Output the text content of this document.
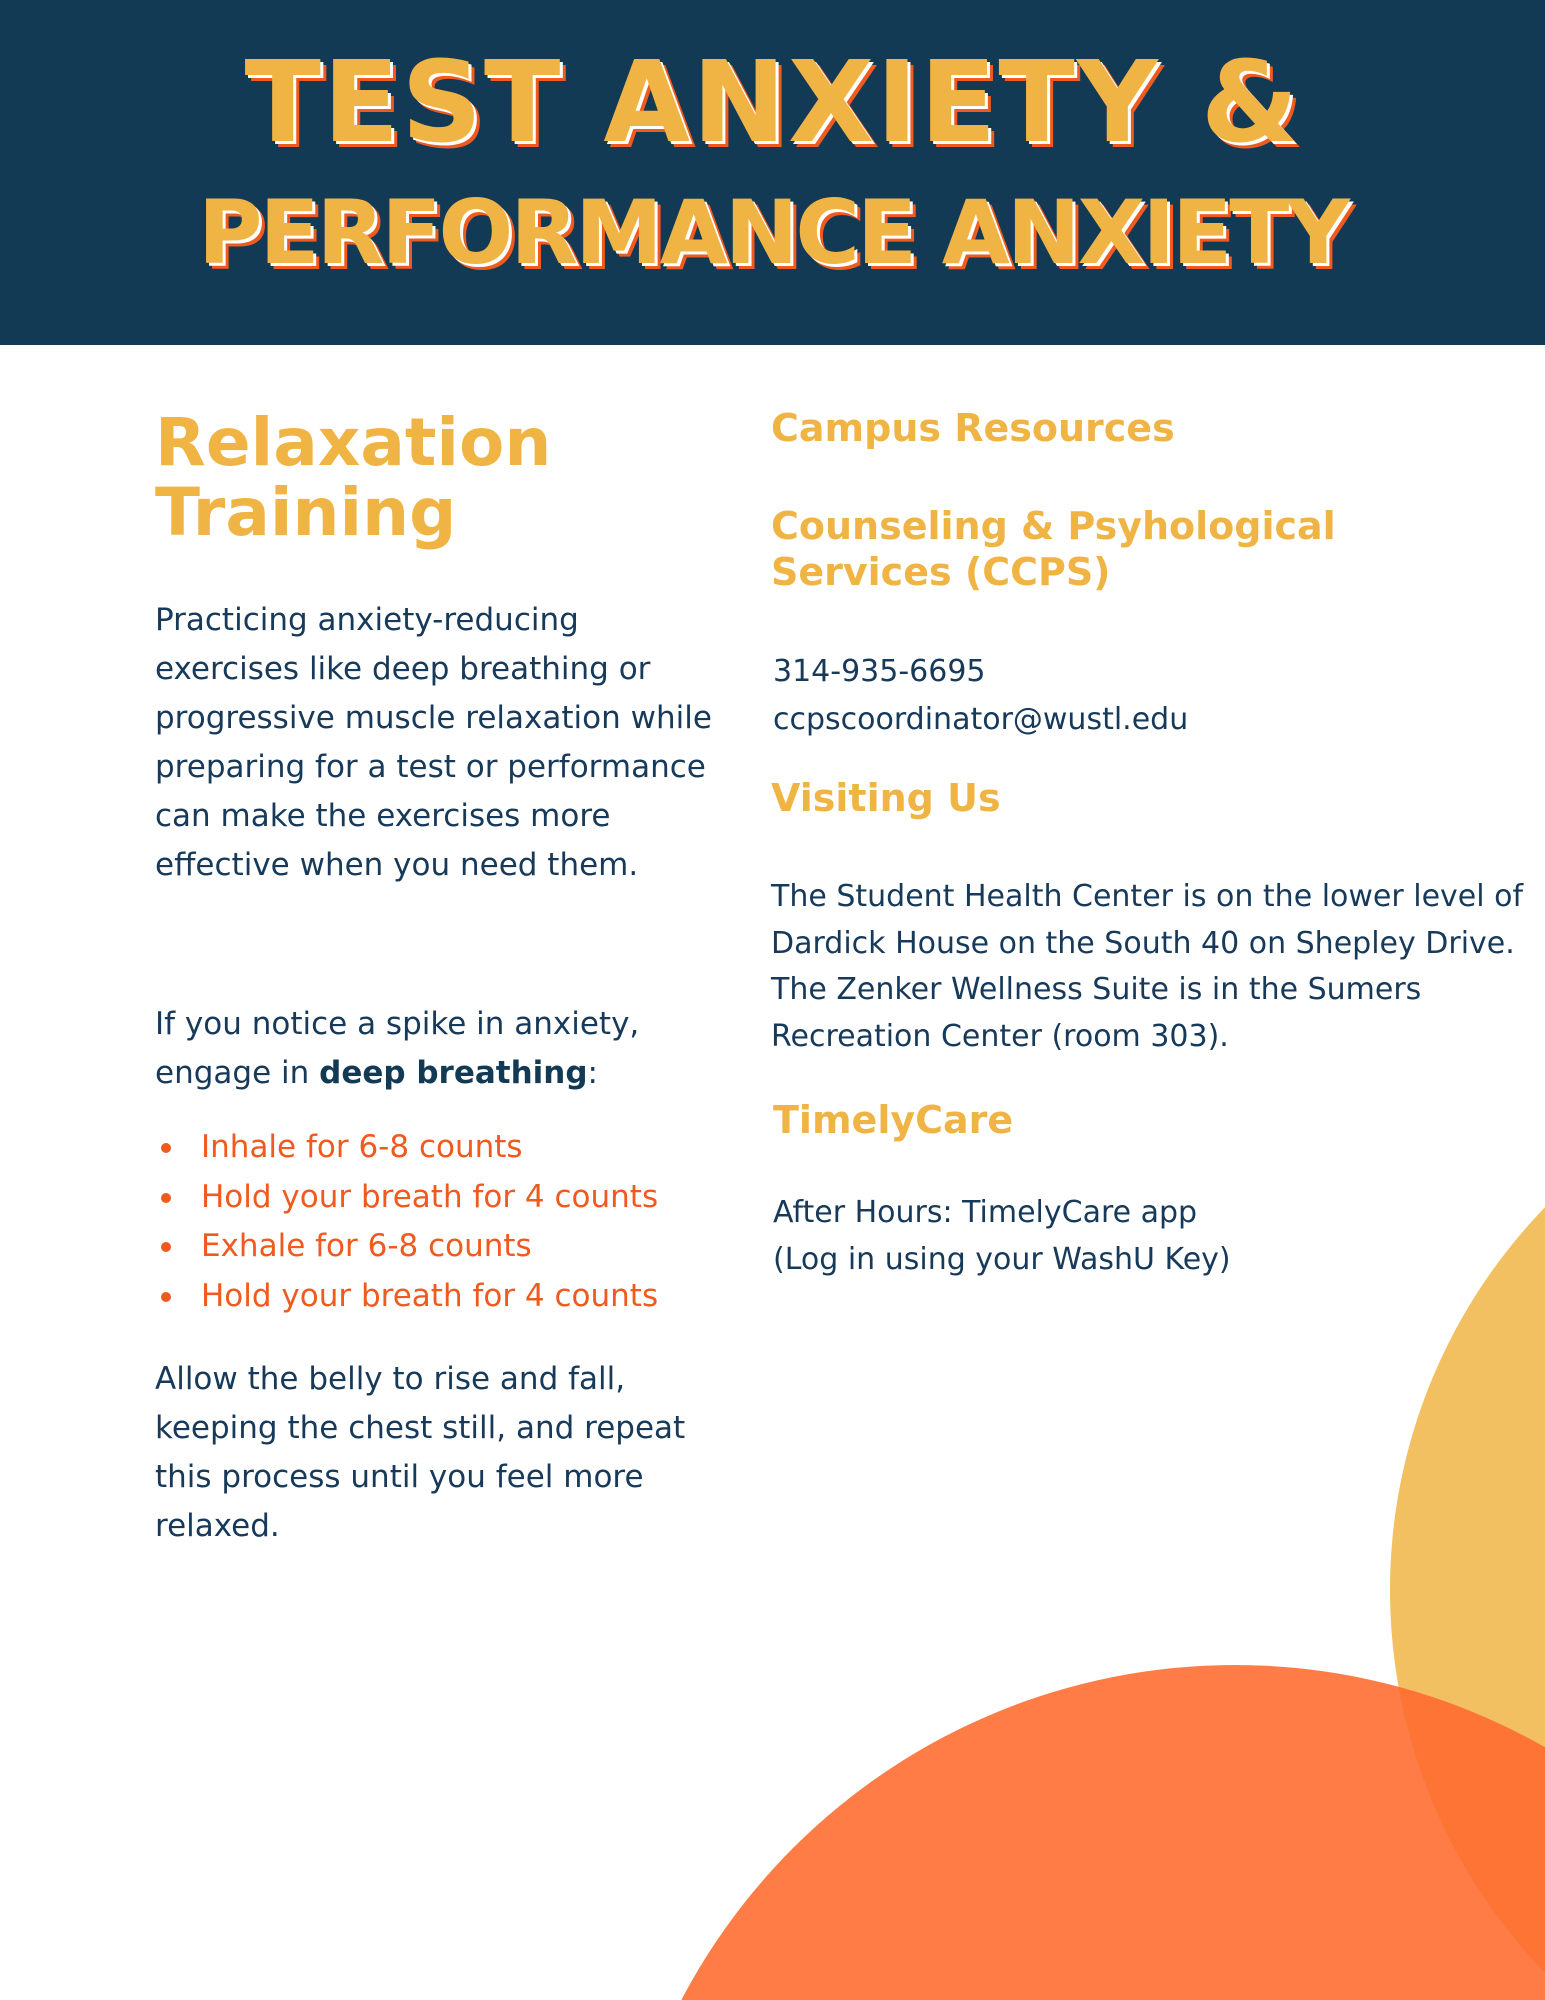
TEST ANXIETY &
PERFORMANCE ANXIETY
Relaxation Training
Practicing anxiety-reducing exercises like deep breathing or progressive muscle relaxation while preparing for a test or performance can make the exercises more effective when you need them.
If you notice a spike in anxiety, engage in deep breathing:
Inhale for 6-8 counts
Hold your breath for 4 counts
Exhale for 6-8 counts
Hold your breath for 4 counts
Allow the belly to rise and fall, keeping the chest still, and repeat this process until you feel more relaxed.
Campus Resources
Counseling & Psyhological Services (CCPS)
314-935-6695
ccpscoordinator@wustl.edu
Visiting Us
The Student Health Center is on the lower level of Dardick House on the South 40 on Shepley Drive. The Zenker Wellness Suite is in the Sumers Recreation Center (room 303).
TimelyCare
After Hours: TimelyCare app
(Log in using your WashU Key)
